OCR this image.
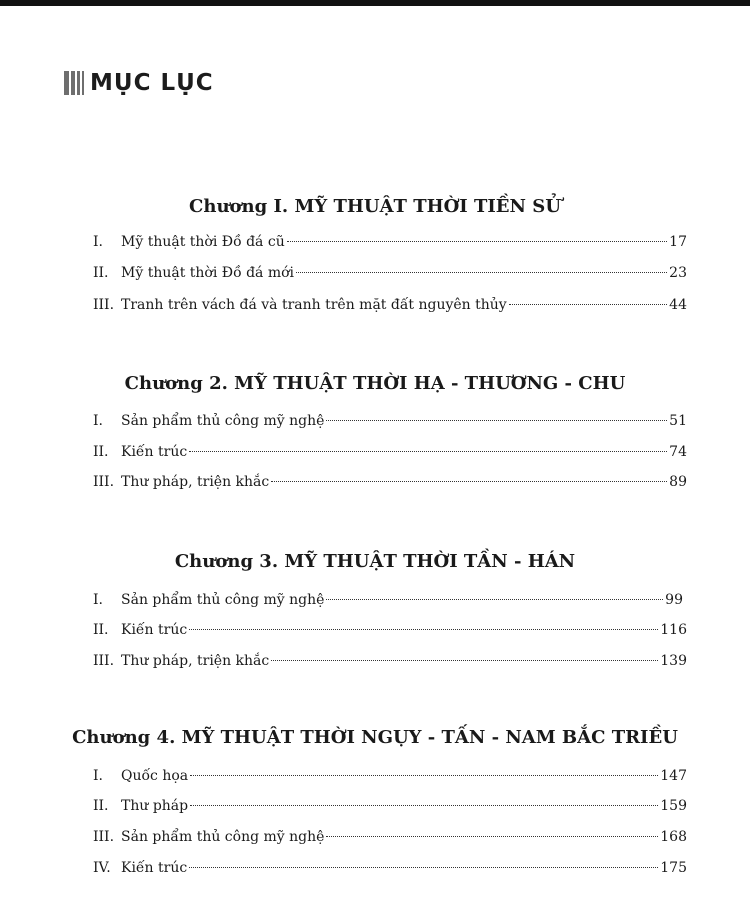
MỤC LỤC
Chương I. MỸ THUẬT THỜI TIỀN SỬ
I.	Mỹ thuật thời Đồ đá cũ	17
II. Mỹ thuật thời Đồ đá mới	23
III. Tranh trên vách đá và tranh trên mặt đất nguyên thủy	44
Chương 2. MỸ THUẬT THỜI HẠ - THƯƠNG - CHU
I.	Sản phẩm thủ công mỹ nghệ	51
II. Kiến trúc	74
III. Thư pháp, triện khắc	89
Chương 3. MỸ THUẬT THỜI TẦN - HÁN
I.	Sản phẩm thủ công mỹ nghệ	99
II. Kiến trúc	116
III. Thư pháp, triện khắc	139
Chương 4. MỸ THUẬT THỜI NGỤY - TẤN - NAM BẮC TRIỀU
I.	Quốc họa	147
II. Thư pháp	159
III. Sản phẩm thủ công mỹ nghệ	168
IV. Kiến trúc	175
